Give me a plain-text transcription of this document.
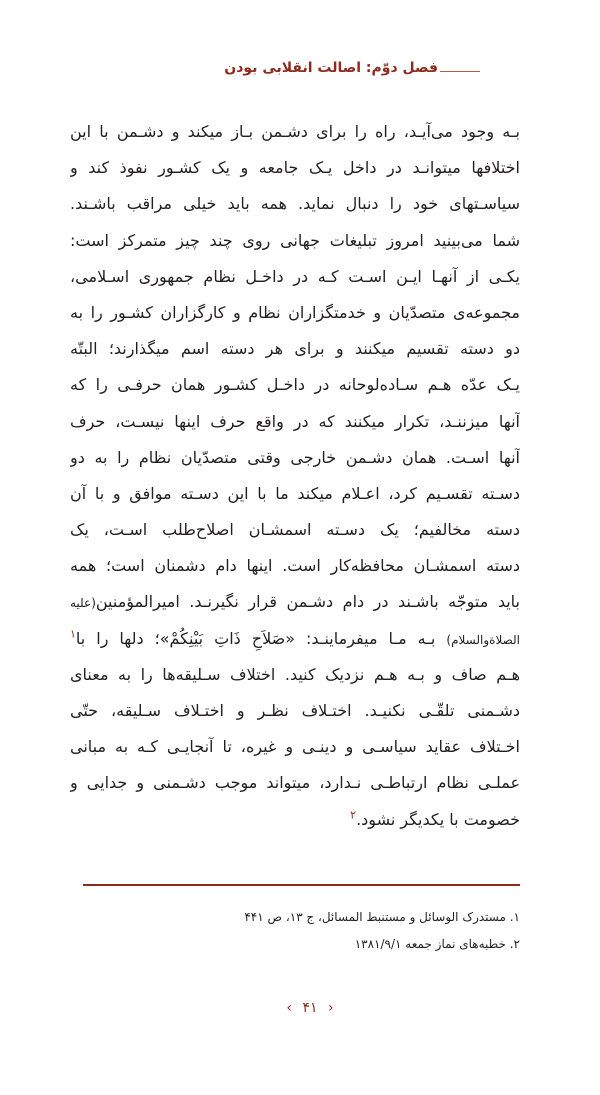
فصل دوّم: اصالت انقلابی بودن
بـه وجود می‌آیـد، راه را برای دشـمن بـاز میکند و دشـمن با این
اختلافها میتوانـد در داخل یـک جامعه و یک کشـور نفوذ کند و
سیاسـتهای خود را دنبال نماید. همه باید خیلی مراقب باشـند.
شما می‌بینید امروز تبلیغات جهانی روی چند چیز متمرکز است:
یکـی از آنهـا ایـن اسـت کـه در داخـل نظام جمهوری اسـلامی،
مجموعه‌ی متصدّیان و خدمتگزاران نظام و کارگزاران کشـور را به
دو دسته تقسیم میکنند و برای هر دسته اسم میگذارند؛ البتّه
یـک عدّه هـم سـاده‌لوحانه در داخـل کشـور همان حرفـی را که
آنها میزننـد، تکرار میکنند که در واقع حرف اینها نیسـت، حرف
آنها اسـت. همان دشـمن خارجی وقتی متصدّیان نظام را به دو
دسـته تقسـیم کرد، اعـلام میکند ما با این دسـته موافق و با آن
دسته مخالفیم؛ یک دسـته اسمشـان اصلاح‌طلب اسـت، یک
دسته اسمشـان محافظه‌کار است. اینها دام دشمنان است؛ همه
باید متوجّه باشـند در دام دشـمن قرار نگیرنـد. امیرالمؤمنین(علیه
الصلاة‌والسلام) بـه مـا میفرماینـد: «صَلاَحِ ذَاتِ بَیْنِکُمْ»؛ دلها را با$^۱$
هـم صاف و بـه هـم نزدیک کنید. اختلاف سـلیقه‌ها را به معنای
دشـمنی تلقّـی نکنیـد. اختـلاف نظـر و اختـلاف سـلیقه، حتّی
اخـتلاف عقاید سیاسـی و دینـی و غیره، تا آنجایـی کـه به مبانی
عملـی نظام ارتباطـی نـدارد، میتواند موجب دشـمنی و جدایی و
خصومت با یکدیگر نشود.$^۲$
۱. مستدرک الوسائل و مستنبط المسائل، ج ۱۳، ص ۴۴۱
۲. خطبه‌های نماز جمعه ۱۳۸۱/۹/۱
‹ ۴۱ ›
